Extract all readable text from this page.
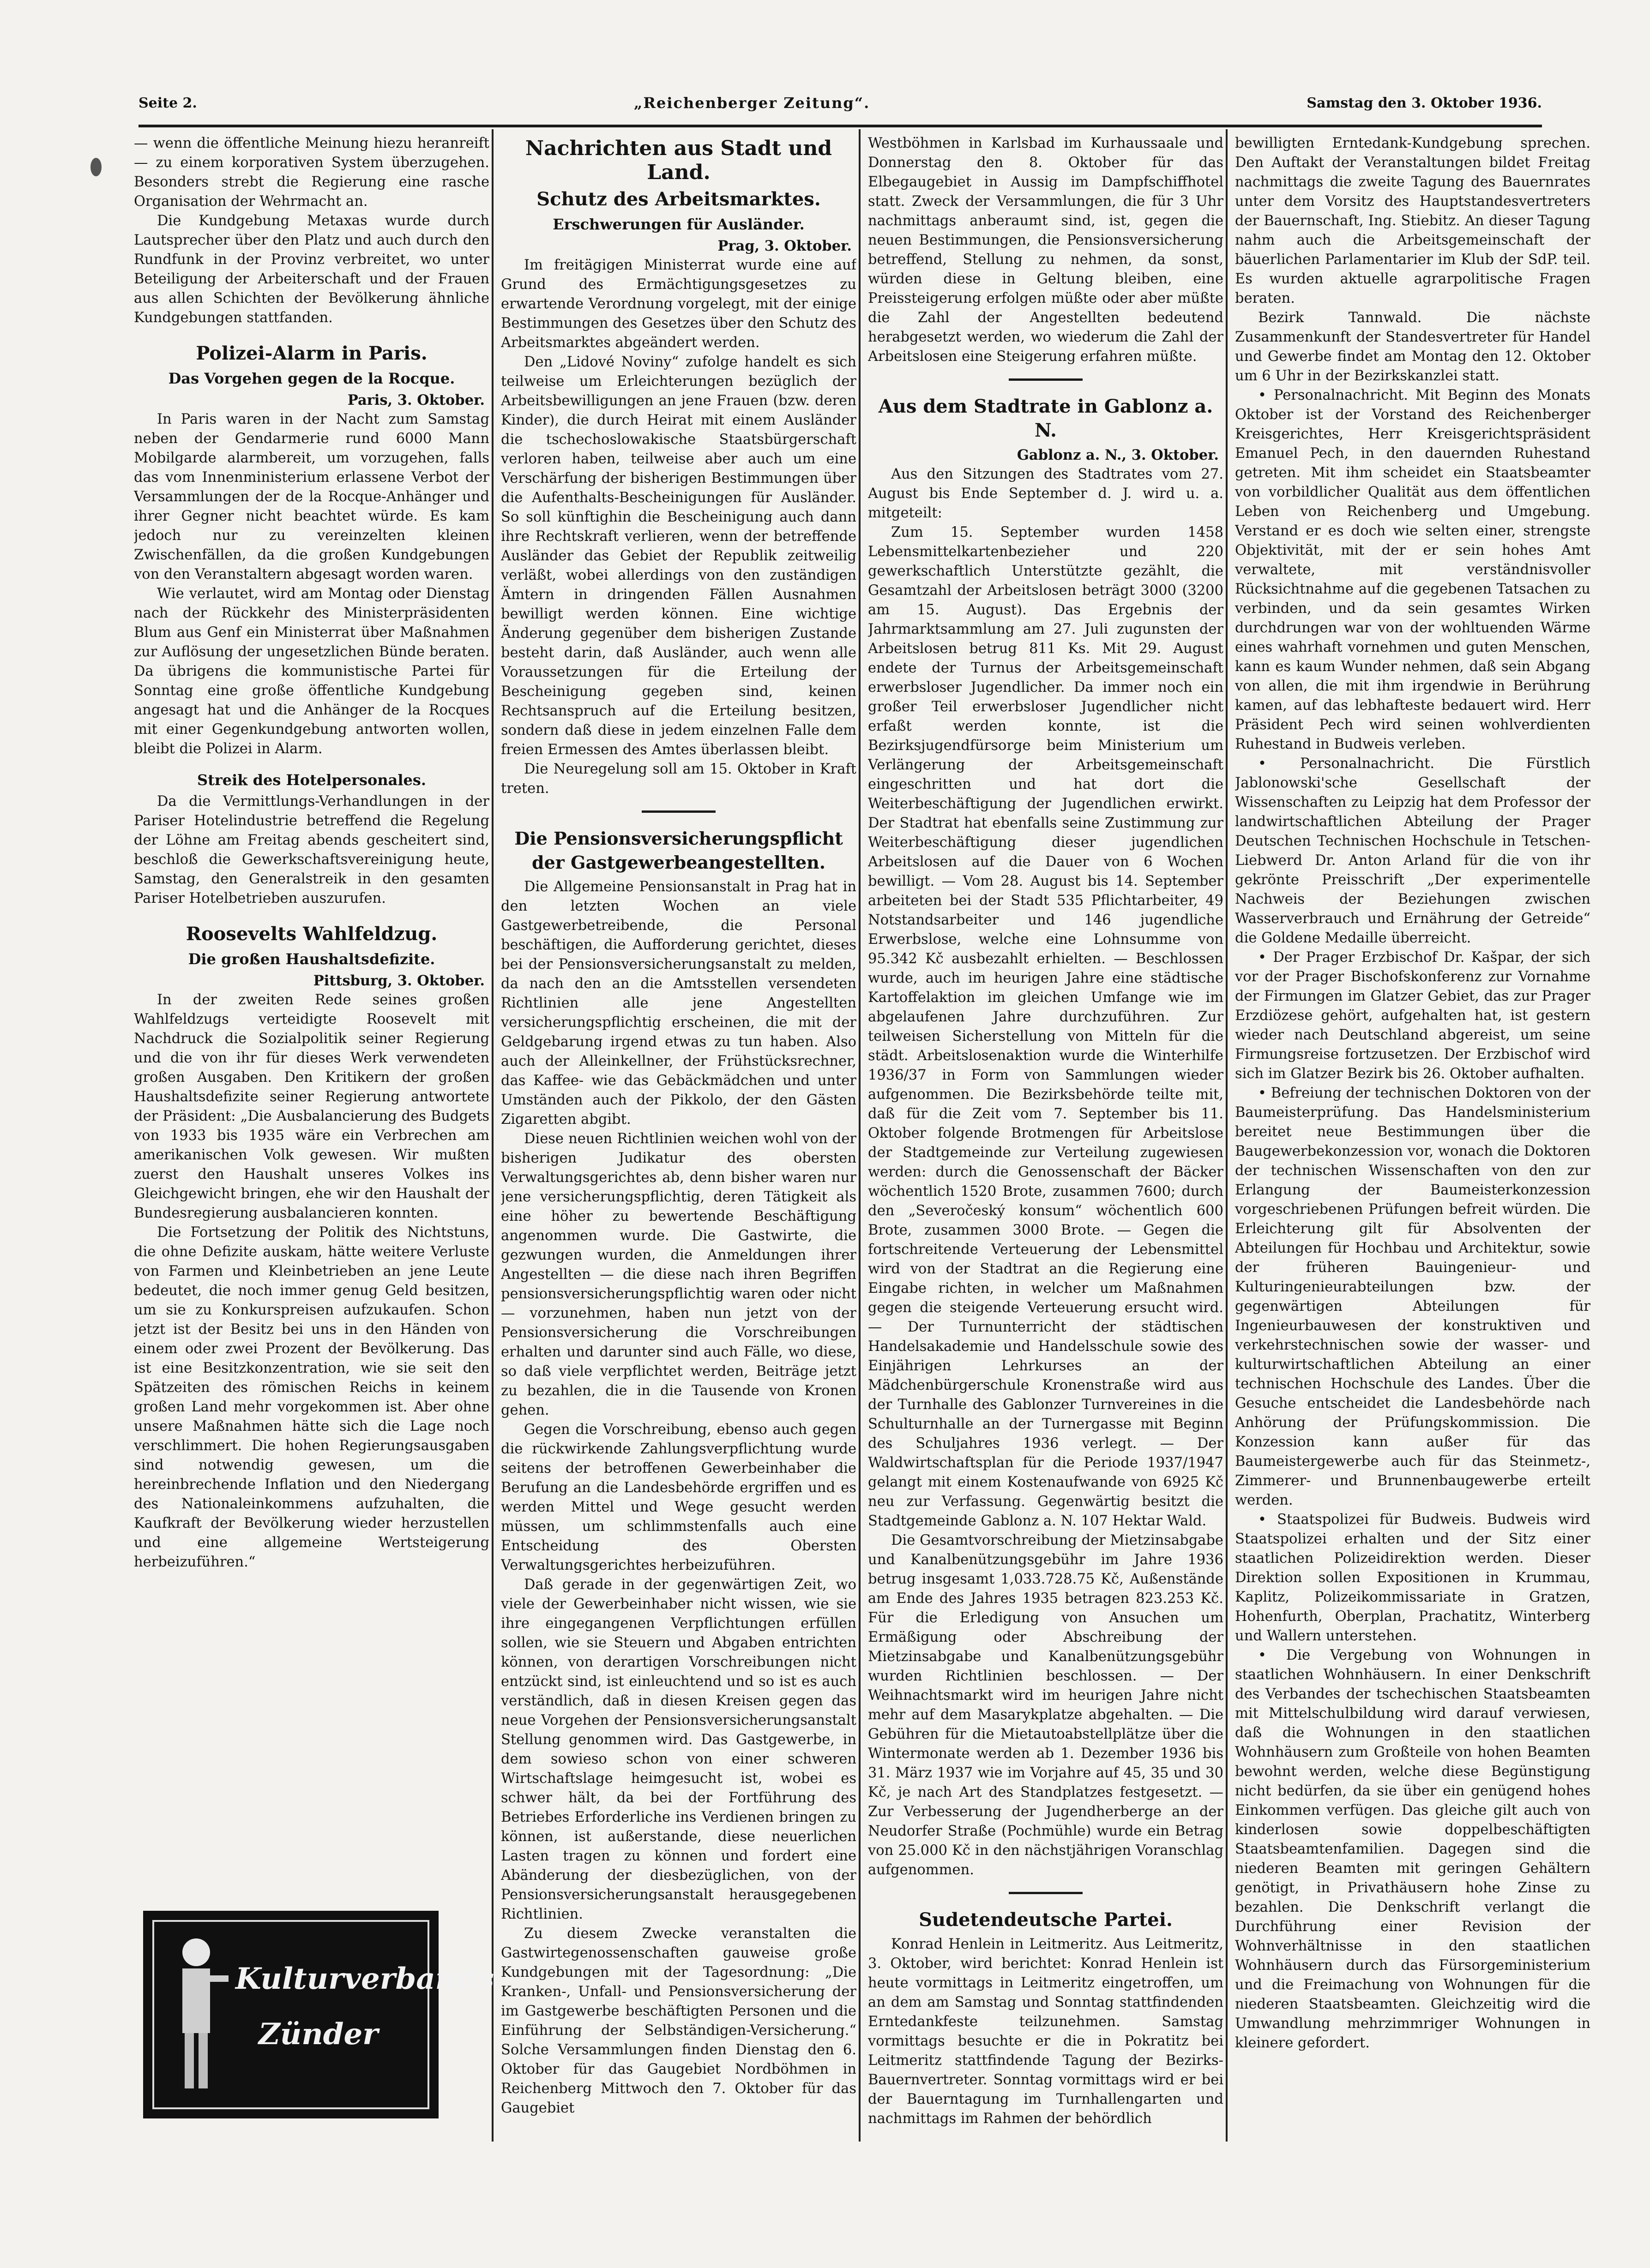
Seite 2.	„Reichenberger Zeitung“.	Samstag den 3. Oktober 1936.

— wenn die öffentliche Meinung hiezu heranreift — zu einem korporativen System überzugehen. Besonders strebt die Regierung eine rasche Organisation der Wehrmacht an.

Die Kundgebung Metaxas wurde durch Lautsprecher über den Platz und auch durch den Rundfunk in der Provinz verbreitet, wo unter Beteiligung der Arbeiterschaft und der Frauen aus allen Schichten der Bevölkerung ähnliche Kundgebungen stattfanden.

Polizei-Alarm in Paris.
Das Vorgehen gegen de la Rocque.

Paris, 3. Oktober.

In Paris waren in der Nacht zum Samstag neben der Gendarmerie rund 6000 Mann Mobilgarde alarmbereit, um vorzugehen, falls das vom Innenministerium erlassene Verbot der Versammlungen der de la Rocque-Anhänger und ihrer Gegner nicht beachtet würde. Es kam jedoch nur zu vereinzelten kleinen Zwischenfällen, da die großen Kundgebungen von den Veranstaltern abgesagt worden waren.

Wie verlautet, wird am Montag oder Dienstag nach der Rückkehr des Ministerpräsidenten Blum aus Genf ein Ministerrat über Maßnahmen zur Auflösung der ungesetzlichen Bünde beraten. Da übrigens die kommunistische Partei für Sonntag eine große öffentliche Kundgebung angesagt hat und die Anhänger de la Rocques mit einer Gegenkundgebung antworten wollen, bleibt die Polizei in Alarm.

Streik des Hotelpersonales.

Da die Vermittlungs-Verhandlungen in der Pariser Hotelindustrie betreffend die Regelung der Löhne am Freitag abends gescheitert sind, beschloß die Gewerkschaftsvereinigung heute, Samstag, den Generalstreik in den gesamten Pariser Hotelbetrieben auszurufen.

Roosevelts Wahlfeldzug.
Die großen Haushaltsdefizite.

Pittsburg, 3. Oktober.

In der zweiten Rede seines großen Wahlfeldzugs verteidigte Roosevelt mit Nachdruck die Sozialpolitik seiner Regierung und die von ihr für dieses Werk verwendeten großen Ausgaben. Den Kritikern der großen Haushaltsdefizite seiner Regierung antwortete der Präsident: „Die Ausbalancierung des Budgets von 1933 bis 1935 wäre ein Verbrechen am amerikanischen Volk gewesen. Wir mußten zuerst den Haushalt unseres Volkes ins Gleichgewicht bringen, ehe wir den Haushalt der Bundesregierung ausbalancieren konnten.

Die Fortsetzung der Politik des Nichtstuns, die ohne Defizite auskam, hätte weitere Verluste von Farmen und Kleinbetrieben an jene Leute bedeutet, die noch immer genug Geld besitzen, um sie zu Konkurspreisen aufzukaufen. Schon jetzt ist der Besitz bei uns in den Händen von einem oder zwei Prozent der Bevölkerung. Das ist eine Besitzkonzentration, wie sie seit den Spätzeiten des römischen Reichs in keinem großen Land mehr vorgekommen ist. Aber ohne unsere Maßnahmen hätte sich die Lage noch verschlimmert. Die hohen Regierungsausgaben sind notwendig gewesen, um die hereinbrechende Inflation und den Niedergang des Nationaleinkommens aufzuhalten, die Kaufkraft der Bevölkerung wieder herzustellen und eine allgemeine Wertsteigerung herbeizuführen.“

Kulturverbands
Zünder
Nachrichten aus Stadt und Land.
Schutz des Arbeitsmarktes.
Erschwerungen für Ausländer.

Prag, 3. Oktober.

Im freitägigen Ministerrat wurde eine auf Grund des Ermächtigungsgesetzes zu erwartende Verordnung vorgelegt, mit der einige Bestimmungen des Gesetzes über den Schutz des Arbeitsmarktes abgeändert werden.

Den „Lidové Noviny“ zufolge handelt es sich teilweise um Erleichterungen bezüglich der Arbeitsbewilligungen an jene Frauen (bzw. deren Kinder), die durch Heirat mit einem Ausländer die tschechoslowakische Staatsbürgerschaft verloren haben, teilweise aber auch um eine Verschärfung der bisherigen Bestimmungen über die Aufenthalts-Bescheinigungen für Ausländer. So soll künftighin die Bescheinigung auch dann ihre Rechtskraft verlieren, wenn der betreffende Ausländer das Gebiet der Republik zeitweilig verläßt, wobei allerdings von den zuständigen Ämtern in dringenden Fällen Ausnahmen bewilligt werden können. Eine wichtige Änderung gegenüber dem bisherigen Zustande besteht darin, daß Ausländer, auch wenn alle Voraussetzungen für die Erteilung der Bescheinigung gegeben sind, keinen Rechtsanspruch auf die Erteilung besitzen, sondern daß diese in jedem einzelnen Falle dem freien Ermessen des Amtes überlassen bleibt.

Die Neuregelung soll am 15. Oktober in Kraft treten.

Die Pensionsversicherungspflicht der Gastgewerbeangestellten.

Die Allgemeine Pensionsanstalt in Prag hat in den letzten Wochen an viele Gastgewerbetreibende, die Personal beschäftigen, die Aufforderung gerichtet, dieses bei der Pensionsversicherungsanstalt zu melden, da nach den an die Amtsstellen versendeten Richtlinien alle jene Angestellten versicherungspflichtig erscheinen, die mit der Geldgebarung irgend etwas zu tun haben. Also auch der Alleinkellner, der Frühstücksrechner, das Kaffee- wie das Gebäckmädchen und unter Umständen auch der Pikkolo, der den Gästen Zigaretten abgibt.

Diese neuen Richtlinien weichen wohl von der bisherigen Judikatur des obersten Verwaltungsgerichtes ab, denn bisher waren nur jene versicherungspflichtig, deren Tätigkeit als eine höher zu bewertende Beschäftigung angenommen wurde. Die Gastwirte, die gezwungen wurden, die Anmeldungen ihrer Angestellten — die diese nach ihren Begriffen pensionsversicherungspflichtig waren oder nicht — vorzunehmen, haben nun jetzt von der Pensionsversicherung die Vorschreibungen erhalten und darunter sind auch Fälle, wo diese, so daß viele verpflichtet werden, Beiträge jetzt zu bezahlen, die in die Tausende von Kronen gehen.

Gegen die Vorschreibung, ebenso auch gegen die rückwirkende Zahlungsverpflichtung wurde seitens der betroffenen Gewerbeinhaber die Berufung an die Landesbehörde ergriffen und es werden Mittel und Wege gesucht werden müssen, um schlimmstenfalls auch eine Entscheidung des Obersten Verwaltungsgerichtes herbeizuführen.

Daß gerade in der gegenwärtigen Zeit, wo viele der Gewerbeinhaber nicht wissen, wie sie ihre eingegangenen Verpflichtungen erfüllen sollen, wie sie Steuern und Abgaben entrichten können, von derartigen Vorschreibungen nicht entzückt sind, ist einleuchtend und so ist es auch verständlich, daß in diesen Kreisen gegen das neue Vorgehen der Pensionsversicherungsanstalt Stellung genommen wird. Das Gastgewerbe, in dem sowieso schon von einer schweren Wirtschaftslage heimgesucht ist, wobei es schwer hält, da bei der Fortführung des Betriebes Erforderliche ins Verdienen bringen zu können, ist außerstande, diese neuerlichen Lasten tragen zu können und fordert eine Abänderung der diesbezüglichen, von der Pensionsversicherungsanstalt herausgegebenen Richtlinien.

Zu diesem Zwecke veranstalten die Gastwirtegenossenschaften gauweise große Kundgebungen mit der Tagesordnung: „Die Kranken-, Unfall- und Pensionsversicherung der im Gastgewerbe beschäftigten Personen und die Einführung der Selbständigen-Versicherung.“ Solche Versammlungen finden Dienstag den 6. Oktober für das Gaugebiet Nordböhmen in Reichenberg Mittwoch den 7. Oktober für das Gaugebiet

Westböhmen in Karlsbad im Kurhaussaale und Donnerstag den 8. Oktober für das Elbegaugebiet in Aussig im Dampfschiffhotel statt. Zweck der Versammlungen, die für 3 Uhr nachmittags anberaumt sind, ist, gegen die neuen Bestimmungen, die Pensionsversicherung betreffend, Stellung zu nehmen, da sonst, würden diese in Geltung bleiben, eine Preissteigerung erfolgen müßte oder aber müßte die Zahl der Angestellten bedeutend herabgesetzt werden, wo wiederum die Zahl der Arbeitslosen eine Steigerung erfahren müßte.

Aus dem Stadtrate in Gablonz a. N.

Gablonz a. N., 3. Oktober.

Aus den Sitzungen des Stadtrates vom 27. August bis Ende September d. J. wird u. a. mitgeteilt:

Zum 15. September wurden 1458 Lebensmittelkartenbezieher und 220 gewerkschaftlich Unterstützte gezählt, die Gesamtzahl der Arbeitslosen beträgt 3000 (3200 am 15. August). Das Ergebnis der Jahrmarktsammlung am 27. Juli zugunsten der Arbeitslosen betrug 811 Ks. Mit 29. August endete der Turnus der Arbeitsgemeinschaft erwerbsloser Jugendlicher. Da immer noch ein großer Teil erwerbsloser Jugendlicher nicht erfaßt werden konnte, ist die Bezirksjugendfürsorge beim Ministerium um Verlängerung der Arbeitsgemeinschaft eingeschritten und hat dort die Weiterbeschäftigung der Jugendlichen erwirkt. Der Stadtrat hat ebenfalls seine Zustimmung zur Weiterbeschäftigung dieser jugendlichen Arbeitslosen auf die Dauer von 6 Wochen bewilligt. — Vom 28. August bis 14. September arbeiteten bei der Stadt 535 Pflichtarbeiter, 49 Notstandsarbeiter und 146 jugendliche Erwerbslose, welche eine Lohnsumme von 95.342 Kč ausbezahlt erhielten. — Beschlossen wurde, auch im heurigen Jahre eine städtische Kartoffelaktion im gleichen Umfange wie im abgelaufenen Jahre durchzuführen. Zur teilweisen Sicherstellung von Mitteln für die städt. Arbeitslosenaktion wurde die Winterhilfe 1936/37 in Form von Sammlungen wieder aufgenommen. Die Bezirksbehörde teilte mit, daß für die Zeit vom 7. September bis 11. Oktober folgende Brotmengen für Arbeitslose der Stadtgemeinde zur Verteilung zugewiesen werden: durch die Genossenschaft der Bäcker wöchentlich 1520 Brote, zusammen 7600; durch den „Severočeský konsum“ wöchentlich 600 Brote, zusammen 3000 Brote. — Gegen die fortschreitende Verteuerung der Lebensmittel wird von der Stadtrat an die Regierung eine Eingabe richten, in welcher um Maßnahmen gegen die steigende Verteuerung ersucht wird. — Der Turnunterricht der städtischen Handelsakademie und Handelsschule sowie des Einjährigen Lehrkurses an der Mädchenbürgerschule Kronenstraße wird aus der Turnhalle des Gablonzer Turnvereines in die Schulturnhalle an der Turnergasse mit Beginn des Schuljahres 1936 verlegt. — Der Waldwirtschaftsplan für die Periode 1937/1947 gelangt mit einem Kostenaufwande von 6925 Kč neu zur Verfassung. Gegenwärtig besitzt die Stadtgemeinde Gablonz a. N. 107 Hektar Wald.

Die Gesamtvorschreibung der Mietzinsabgabe und Kanalbenützungsgebühr im Jahre 1936 betrug insgesamt 1,033.728.75 Kč, Außenstände am Ende des Jahres 1935 betragen 823.253 Kč. Für die Erledigung von Ansuchen um Ermäßigung oder Abschreibung der Mietzinsabgabe und Kanalbenützungsgebühr wurden Richtlinien beschlossen. — Der Weihnachtsmarkt wird im heurigen Jahre nicht mehr auf dem Masarykplatze abgehalten. — Die Gebühren für die Mietautoabstellplätze über die Wintermonate werden ab 1. Dezember 1936 bis 31. März 1937 wie im Vorjahre auf 45, 35 und 30 Kč, je nach Art des Standplatzes festgesetzt. — Zur Verbesserung der Jugendherberge an der Neudorfer Straße (Pochmühle) wurde ein Betrag von 25.000 Kč in den nächstjährigen Voranschlag aufgenommen.

Sudetendeutsche Partei.

Konrad Henlein in Leitmeritz. Aus Leitmeritz, 3. Oktober, wird berichtet: Konrad Henlein ist heute vormittags in Leitmeritz eingetroffen, um an dem am Samstag und Sonntag stattfindenden Erntedankfeste teilzunehmen. Samstag vormittags besuchte er die in Pokratitz bei Leitmeritz stattfindende Tagung der Bezirks-Bauernvertreter. Sonntag vormittags wird er bei der Bauerntagung im Turnhallengarten und nachmittags im Rahmen der behördlich

bewilligten Erntedank-Kundgebung sprechen. Den Auftakt der Veranstaltungen bildet Freitag nachmittags die zweite Tagung des Bauernrates unter dem Vorsitz des Hauptstandesvertreters der Bauernschaft, Ing. Stiebitz. An dieser Tagung nahm auch die Arbeitsgemeinschaft der bäuerlichen Parlamentarier im Klub der SdP. teil. Es wurden aktuelle agrarpolitische Fragen beraten.

Bezirk Tannwald. Die nächste Zusammenkunft der Standesvertreter für Handel und Gewerbe findet am Montag den 12. Oktober um 6 Uhr in der Bezirkskanzlei statt.

• Personalnachricht. Mit Beginn des Monats Oktober ist der Vorstand des Reichenberger Kreisgerichtes, Herr Kreisgerichtspräsident Emanuel Pech, in den dauernden Ruhestand getreten. Mit ihm scheidet ein Staatsbeamter von vorbildlicher Qualität aus dem öffentlichen Leben von Reichenberg und Umgebung. Verstand er es doch wie selten einer, strengste Objektivität, mit der er sein hohes Amt verwaltete, mit verständnisvoller Rücksichtnahme auf die gegebenen Tatsachen zu verbinden, und da sein gesamtes Wirken durchdrungen war von der wohltuenden Wärme eines wahrhaft vornehmen und guten Menschen, kann es kaum Wunder nehmen, daß sein Abgang von allen, die mit ihm irgendwie in Berührung kamen, auf das lebhafteste bedauert wird. Herr Präsident Pech wird seinen wohlverdienten Ruhestand in Budweis verleben.

• Personalnachricht. Die Fürstlich Jablonowski'sche Gesellschaft der Wissenschaften zu Leipzig hat dem Professor der landwirtschaftlichen Abteilung der Prager Deutschen Technischen Hochschule in Tetschen-Liebwerd Dr. Anton Arland für die von ihr gekrönte Preisschrift „Der experimentelle Nachweis der Beziehungen zwischen Wasserverbrauch und Ernährung der Getreide“ die Goldene Medaille überreicht.

• Der Prager Erzbischof Dr. Kašpar, der sich vor der Prager Bischofskonferenz zur Vornahme der Firmungen im Glatzer Gebiet, das zur Prager Erzdiözese gehört, aufgehalten hat, ist gestern wieder nach Deutschland abgereist, um seine Firmungsreise fortzusetzen. Der Erzbischof wird sich im Glatzer Bezirk bis 26. Oktober aufhalten.

• Befreiung der technischen Doktoren von der Baumeisterprüfung. Das Handelsministerium bereitet neue Bestimmungen über die Baugewerbekonzession vor, wonach die Doktoren der technischen Wissenschaften von den zur Erlangung der Baumeisterkonzession vorgeschriebenen Prüfungen befreit würden. Die Erleichterung gilt für Absolventen der Abteilungen für Hochbau und Architektur, sowie der früheren Bauingenieur- und Kulturingenieurabteilungen bzw. der gegenwärtigen Abteilungen für Ingenieurbauwesen der konstruktiven und verkehrstechnischen sowie der wasser- und kulturwirtschaftlichen Abteilung an einer technischen Hochschule des Landes. Über die Gesuche entscheidet die Landesbehörde nach Anhörung der Prüfungskommission. Die Konzession kann außer für das Baumeistergewerbe auch für das Steinmetz-, Zimmerer- und Brunnenbaugewerbe erteilt werden.

• Staatspolizei für Budweis. Budweis wird Staatspolizei erhalten und der Sitz einer staatlichen Polizeidirektion werden. Dieser Direktion sollen Expositionen in Krummau, Kaplitz, Polizeikommissariate in Gratzen, Hohenfurth, Oberplan, Prachatitz, Winterberg und Wallern unterstehen.

• Die Vergebung von Wohnungen in staatlichen Wohnhäusern. In einer Denkschrift des Verbandes der tschechischen Staatsbeamten mit Mittelschulbildung wird darauf verwiesen, daß die Wohnungen in den staatlichen Wohnhäusern zum Großteile von hohen Beamten bewohnt werden, welche diese Begünstigung nicht bedürfen, da sie über ein genügend hohes Einkommen verfügen. Das gleiche gilt auch von kinderlosen sowie doppelbeschäftigten Staatsbeamtenfamilien. Dagegen sind die niederen Beamten mit geringen Gehältern genötigt, in Privathäusern hohe Zinse zu bezahlen. Die Denkschrift verlangt die Durchführung einer Revision der Wohnverhältnisse in den staatlichen Wohnhäusern durch das Fürsorgeministerium und die Freimachung von Wohnungen für die niederen Staatsbeamten. Gleichzeitig wird die Umwandlung mehrzimmriger Wohnungen in kleinere gefordert.
